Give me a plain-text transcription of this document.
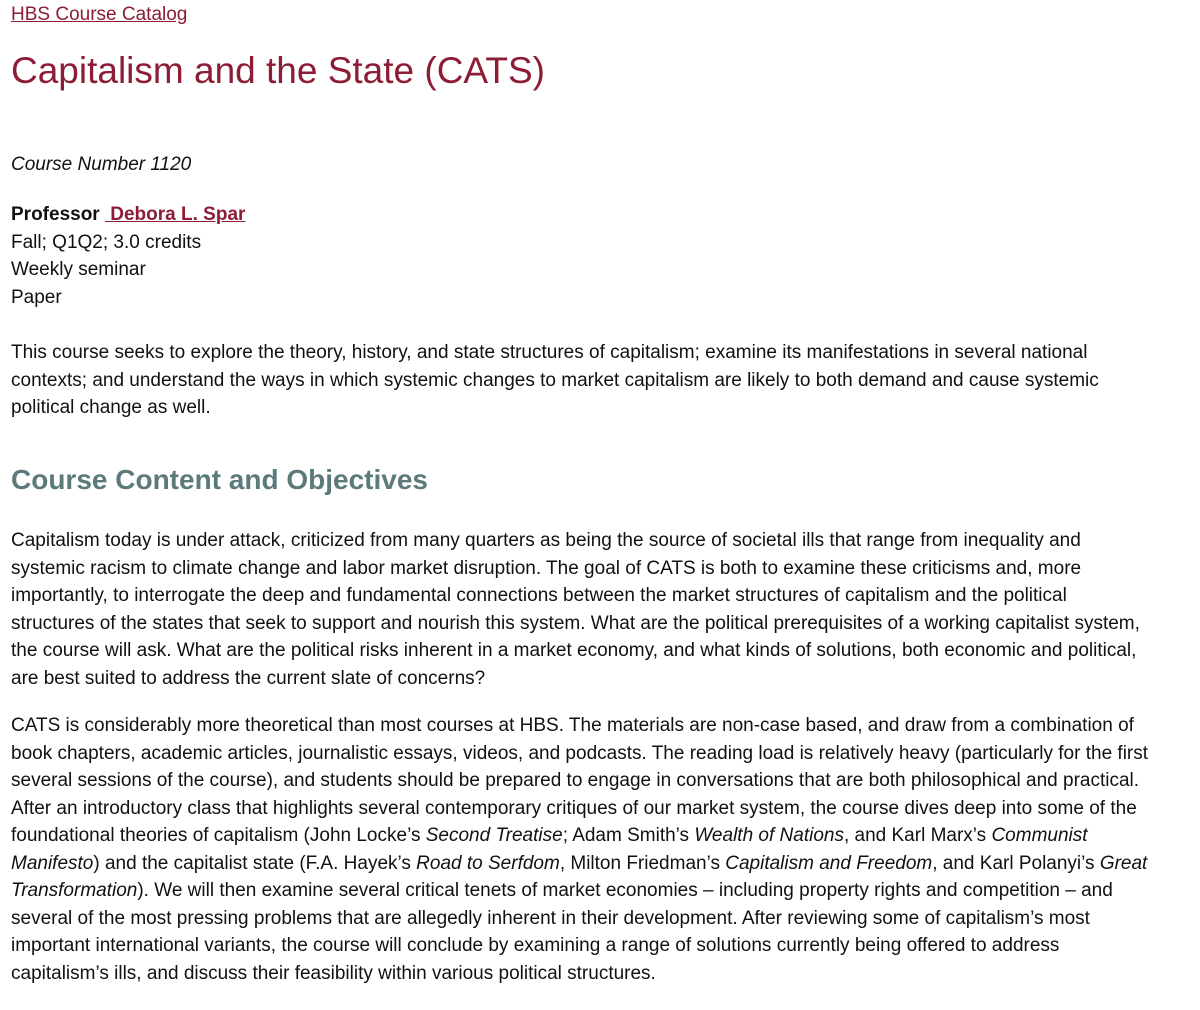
HBS Course Catalog
Capitalism and the State (CATS)
Course Number 1120
Professor Debora L. Spar
Fall; Q1Q2; 3.0 credits
Weekly seminar
Paper

This course seeks to explore the theory, history, and state structures of capitalism; examine its manifestations in several national contexts; and understand the ways in which systemic changes to market capitalism are likely to both demand and cause systemic political change as well.

Course Content and Objectives

Capitalism today is under attack, criticized from many quarters as being the source of societal ills that range from inequality and systemic racism to climate change and labor market disruption. The goal of CATS is both to examine these criticisms and, more importantly, to interrogate the deep and fundamental connections between the market structures of capitalism and the political structures of the states that seek to support and nourish this system. What are the political prerequisites of a working capitalist system, the course will ask. What are the political risks inherent in a market economy, and what kinds of solutions, both economic and political, are best suited to address the current slate of concerns?

CATS is considerably more theoretical than most courses at HBS. The materials are non-case based, and draw from a combination of book chapters, academic articles, journalistic essays, videos, and podcasts. The reading load is relatively heavy (particularly for the first several sessions of the course), and students should be prepared to engage in conversations that are both philosophical and practical. After an introductory class that highlights several contemporary critiques of our market system, the course dives deep into some of the foundational theories of capitalism (John Locke’s Second Treatise; Adam Smith’s Wealth of Nations, and Karl Marx’s Communist Manifesto) and the capitalist state (F.A. Hayek’s Road to Serfdom, Milton Friedman’s Capitalism and Freedom, and Karl Polanyi’s Great Transformation). We will then examine several critical tenets of market economies – including property rights and competition – and several of the most pressing problems that are allegedly inherent in their development. After reviewing some of capitalism’s most important international variants, the course will conclude by examining a range of solutions currently being offered to address capitalism’s ills, and discuss their feasibility within various political structures.
